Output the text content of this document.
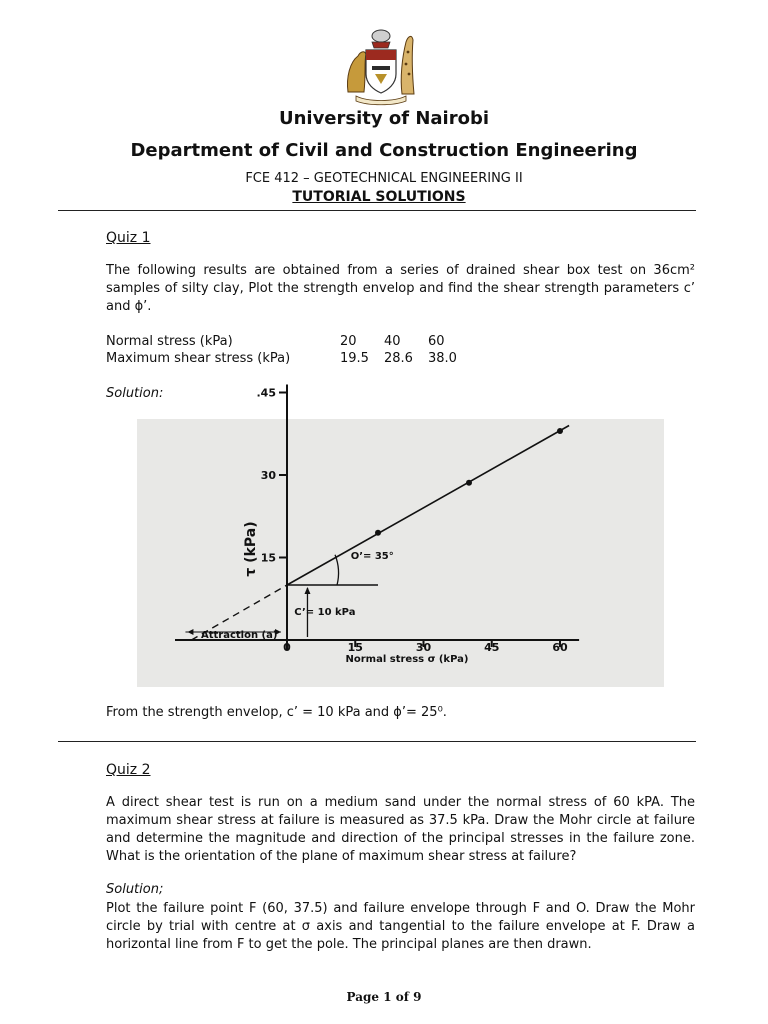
University of Nairobi
Department of Civil and Construction Engineering
FCE 412 – GEOTECHNICAL ENGINEERING II
TUTORIAL SOLUTIONS
Quiz 1
The following results are obtained from a series of drained shear box test on 36cm² samples of silty clay, Plot the strength envelop and find the shear strength parameters c’ and ϕ’.
Normal stress (kPa)	20	40	60
Maximum shear stress (kPa)	19.5	28.6	38.0
Solution:
15
30
.45
0	15	30	45	60
τ (kPa)
Normal stress σ (kPa)
O’= 35°
C’= 10 kPa
Attraction (a)
From the strength envelop, c’ = 10 kPa and ϕ’= 25⁰.
Quiz 2
A direct shear test is run on a medium sand under the normal stress of 60 kPA. The maximum shear stress at failure is measured as 37.5 kPa. Draw the Mohr circle at failure and determine the magnitude and direction of the principal stresses in the failure zone. What is the orientation of the plane of maximum shear stress at failure?
Solution;
Plot the failure point F (60, 37.5) and failure envelope through F and O. Draw the Mohr circle by trial with centre at σ axis and tangential to the failure envelope at F. Draw a horizontal line from F to get the pole. The principal planes are then drawn.
Page 1 of 9
